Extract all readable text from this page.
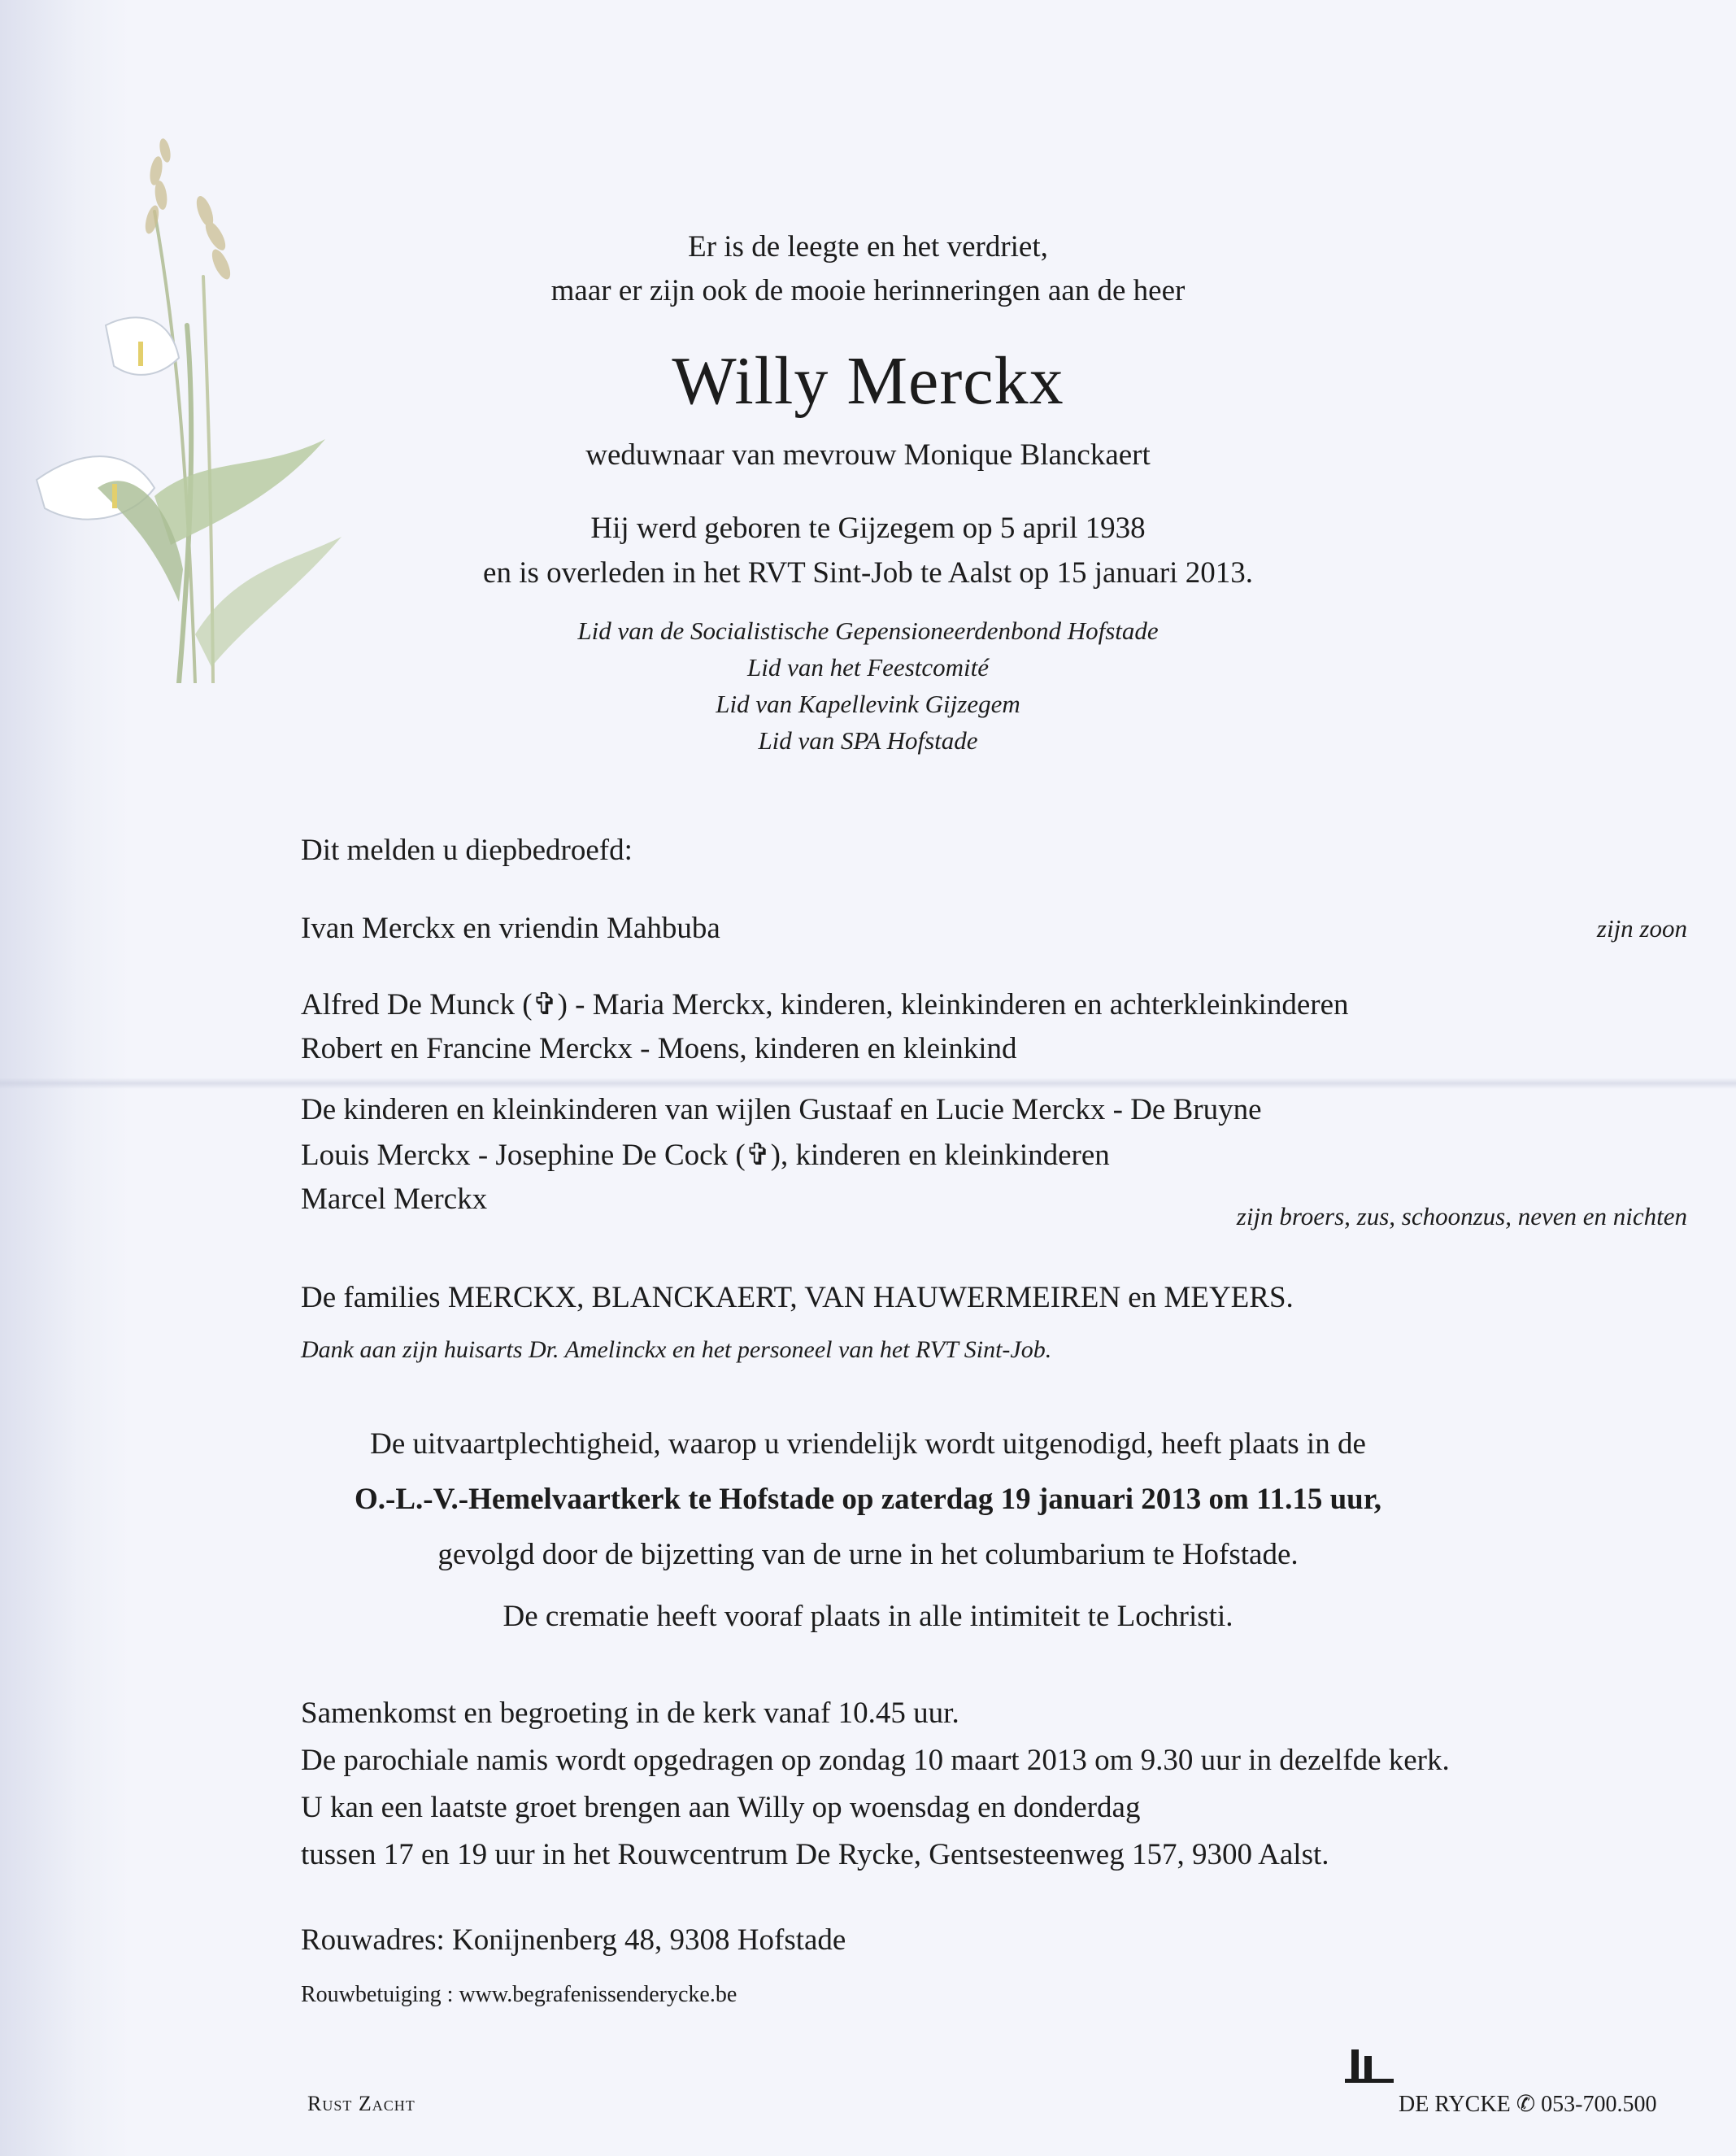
Er is de leegte en het verdriet,
maar er zijn ook de mooie herinneringen aan de heer
Willy Merckx
weduwnaar van mevrouw Monique Blanckaert
Hij werd geboren te Gijzegem op 5 april 1938
en is overleden in het RVT Sint-Job te Aalst op 15 januari 2013.
Lid van de Socialistische Gepensioneerdenbond Hofstade
Lid van het Feestcomité
Lid van Kapellevink Gijzegem
Lid van SPA Hofstade
Dit melden u diepbedroefd:
Ivan Merckx en vriendin Mahbuba	zijn zoon
Alfred De Munck (✞) - Maria Merckx, kinderen, kleinkinderen en achterkleinkinderen
Robert en Francine Merckx - Moens, kinderen en kleinkind
De kinderen en kleinkinderen van wijlen Gustaaf en Lucie Merckx - De Bruyne
Louis Merckx - Josephine De Cock (✞), kinderen en kleinkinderen
Marcel Merckx
zijn broers, zus, schoonzus, neven en nichten
De families MERCKX, BLANCKAERT, VAN HAUWERMEIREN en MEYERS.
Dank aan zijn huisarts Dr. Amelinckx en het personeel van het RVT Sint-Job.
De uitvaartplechtigheid, waarop u vriendelijk wordt uitgenodigd, heeft plaats in de
O.-L.-V.-Hemelvaartkerk te Hofstade op zaterdag 19 januari 2013 om 11.15 uur,
gevolgd door de bijzetting van de urne in het columbarium te Hofstade.
De crematie heeft vooraf plaats in alle intimiteit te Lochristi.
Samenkomst en begroeting in de kerk vanaf 10.45 uur.
De parochiale namis wordt opgedragen op zondag 10 maart 2013 om 9.30 uur in dezelfde kerk.
U kan een laatste groet brengen aan Willy op woensdag en donderdag
tussen 17 en 19 uur in het Rouwcentrum De Rycke, Gentsesteenweg 157, 9300 Aalst.
Rouwadres: Konijnenberg 48, 9308 Hofstade
Rouwbetuiging : www.begrafenissenderycke.be
Rust Zacht	DE RYCKE ✆ 053-700.500
